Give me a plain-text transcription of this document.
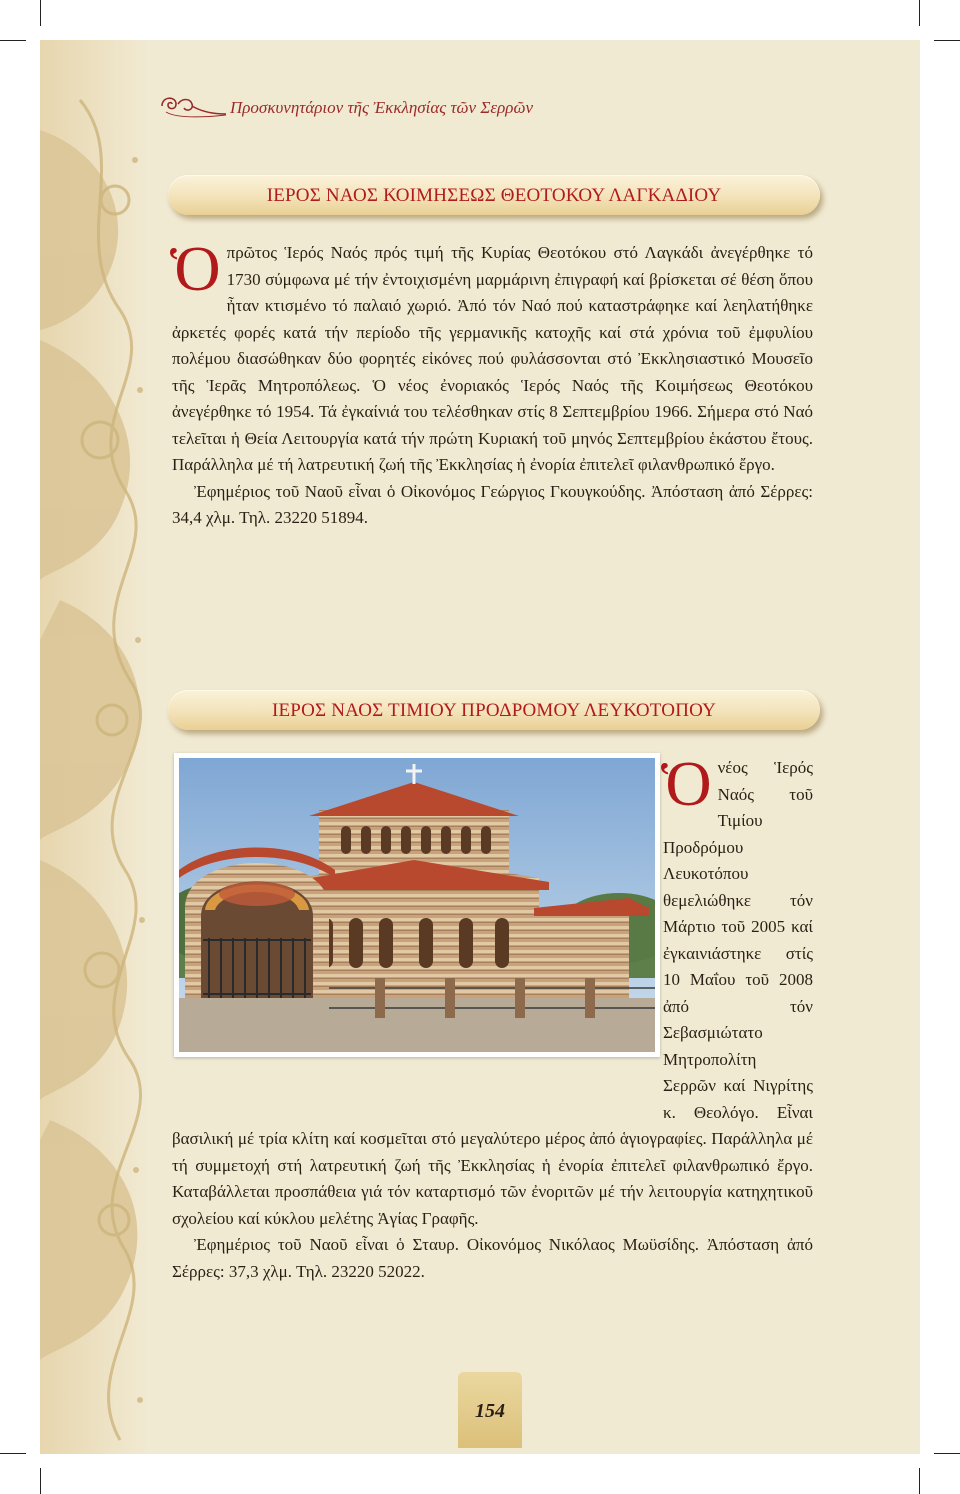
Προσκυνητάριον τῆς Ἐκκλησίας τῶν Σερρῶν
ΙΕΡΟΣ ΝΑΟΣ ΚΟΙΜΗΣΕΩΣ ΘΕΟΤΟΚΟΥ ΛΑΓΚΑΔΙΟΥ

Ὁπρῶτος Ἱερός Ναός πρός τιμή τῆς Κυρίας Θεοτόκου στό Λαγκάδι ἀνεγέρθηκε τό 1730 σύμφωνα μέ τήν ἐντοιχισμένη μαρμάρινη ἐπιγραφή καί βρίσκεται σέ θέση ὅπου ἦταν κτισμένο τό παλαιό χωριό. Ἀπό τόν Ναό πού καταστράφηκε καί λεηλατήθηκε ἀρκετές φορές κατά τήν περίοδο τῆς γερμανικῆς κατοχῆς καί στά χρόνια τοῦ ἐμφυλίου πολέμου διασώθηκαν δύο φορητές εἰκόνες πού φυλάσσονται στό Ἐκκλησιαστικό Μουσεῖο τῆς Ἱερᾶς Μητροπόλεως. Ὁ νέος ἐνοριακός Ἱερός Ναός τῆς Κοιμήσεως Θεοτόκου ἀνεγέρθηκε τό 1954. Τά ἐγκαίνιά του τελέσθηκαν στίς 8 Σεπτεμβρίου 1966. Σήμερα στό Ναό τελεῖται ἡ Θεία Λειτουργία κατά τήν πρώτη Κυριακή τοῦ μηνός Σεπτεμβρίου ἑκάστου ἔτους. Παράλληλα μέ τή λατρευτική ζωή τῆς Ἐκκλησίας ἡ ἐνορία ἐπιτελεῖ φιλανθρωπικό ἔργο.

Ἐφημέριος τοῦ Ναοῦ εἶναι ὁ Οἰκονόμος Γεώργιος Γκουγκούδης. Ἀπόσταση ἀπό Σέρρες: 34,4 χλμ. Τηλ. 23220 51894.

ΙΕΡΟΣ ΝΑΟΣ ΤΙΜΙΟΥ ΠΡΟΔΡΟΜΟΥ ΛΕΥΚΟΤΟΠΟΥ

Ὁνέος Ἱερός Ναός τοῦ Τιμίου Προδρόμου Λευκοτόπου θεμελιώθηκε τόν Μάρτιο τοῦ 2005 καί ἐγκαινιάστηκε στίς 10 Μαΐου τοῦ 2008 ἀπό τόν Σεβασμιώτατο Μητροπολίτη Σερρῶν καί Νιγρίτης κ. Θεολόγο. Εἶναι βασιλική μέ τρία κλίτη καί κοσμεῖται στό μεγαλύτερο μέρος ἀπό ἁγιογραφίες. Παράλληλα μέ τή συμμετοχή στή λατρευτική ζωή τῆς Ἐκκλησίας ἡ ἐνορία ἐπιτελεῖ φιλανθρωπικό ἔργο. Καταβάλλεται προσπάθεια γιά τόν καταρτισμό τῶν ἐνοριτῶν μέ τήν λειτουργία κατηχητικοῦ σχολείου καί κύκλου μελέτης Ἁγίας Γραφῆς.

Ἐφημέριος τοῦ Ναοῦ εἶναι ὁ Σταυρ. Οἰκονόμος Νικόλαος Μωϋσίδης. Ἀπόσταση ἀπό Σέρρες: 37,3 χλμ. Τηλ. 23220 52022.

154
